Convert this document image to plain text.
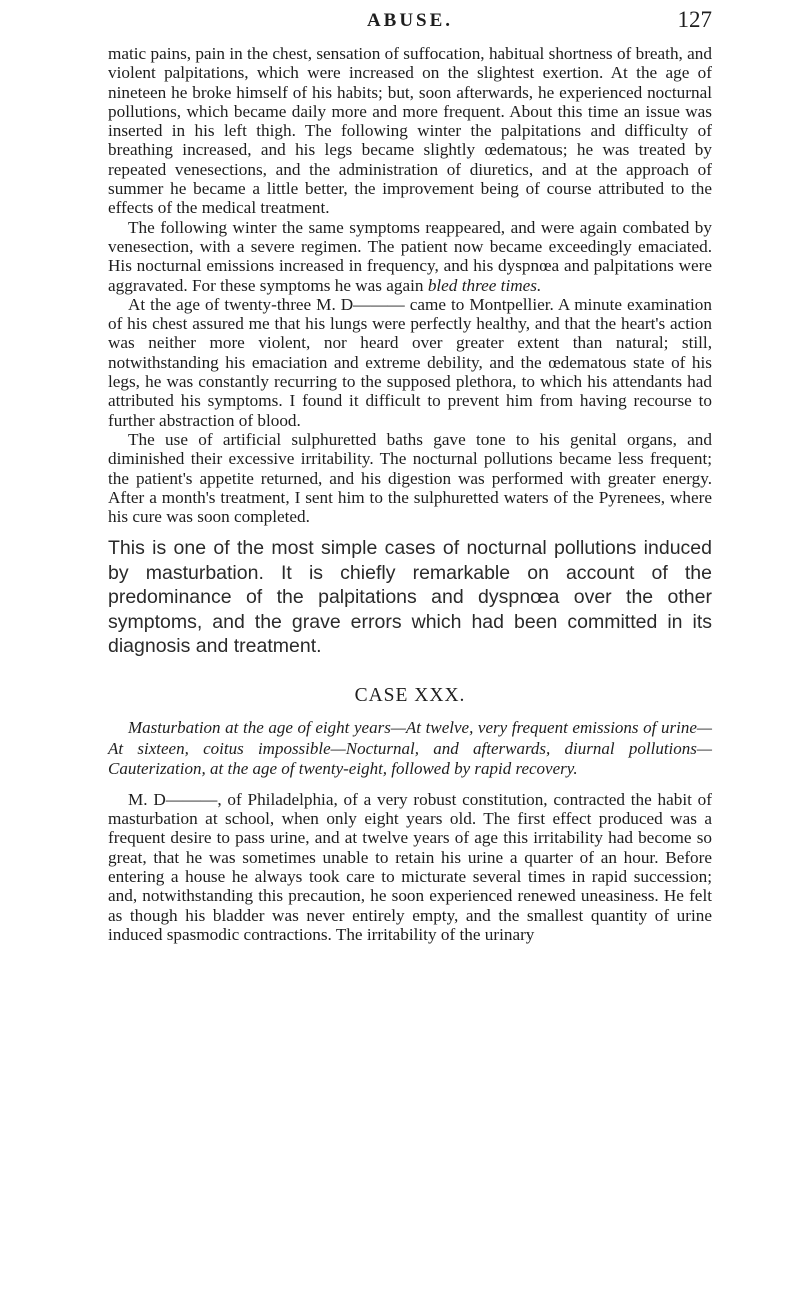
ABUSE.	127

matic pains, pain in the chest, sensation of suffocation, habitual shortness of breath, and violent palpitations, which were increased on the slightest exertion. At the age of nineteen he broke himself of his habits; but, soon afterwards, he experienced nocturnal pollutions, which became daily more and more frequent. About this time an issue was inserted in his left thigh. The following winter the palpitations and difficulty of breathing increased, and his legs became slightly œdematous; he was treated by repeated venesections, and the administration of diuretics, and at the approach of summer he became a little better, the improvement being of course attributed to the effects of the medical treatment.

The following winter the same symptoms reappeared, and were again combated by venesection, with a severe regimen. The patient now became exceedingly emaciated. His nocturnal emissions increased in frequency, and his dyspnœa and palpitations were aggravated. For these symptoms he was again bled three times.

At the age of twenty-three M. D——— came to Montpellier. A minute examination of his chest assured me that his lungs were perfectly healthy, and that the heart's action was neither more violent, nor heard over greater extent than natural; still, notwithstanding his emaciation and extreme debility, and the œdematous state of his legs, he was constantly recurring to the supposed plethora, to which his attendants had attributed his symptoms. I found it difficult to prevent him from having recourse to further abstraction of blood.

The use of artificial sulphuretted baths gave tone to his genital organs, and diminished their excessive irritability. The nocturnal pollutions became less frequent; the patient's appetite returned, and his digestion was performed with greater energy. After a month's treatment, I sent him to the sulphuretted waters of the Pyrenees, where his cure was soon completed.

This is one of the most simple cases of nocturnal pollutions induced by masturbation. It is chiefly remarkable on account of the predominance of the palpitations and dyspnœa over the other symptoms, and the grave errors which had been committed in its diagnosis and treatment.

CASE XXX.

Masturbation at the age of eight years—At twelve, very frequent emissions of urine—At sixteen, coitus impossible—Nocturnal, and afterwards, diurnal pollutions—Cauterization, at the age of twenty-eight, followed by rapid recovery.

M. D———, of Philadelphia, of a very robust constitution, contracted the habit of masturbation at school, when only eight years old. The first effect produced was a frequent desire to pass urine, and at twelve years of age this irritability had become so great, that he was sometimes unable to retain his urine a quarter of an hour. Before entering a house he always took care to micturate several times in rapid succession; and, notwithstanding this precaution, he soon experienced renewed uneasiness. He felt as though his bladder was never entirely empty, and the smallest quantity of urine induced spasmodic contractions. The irritability of the urinary
